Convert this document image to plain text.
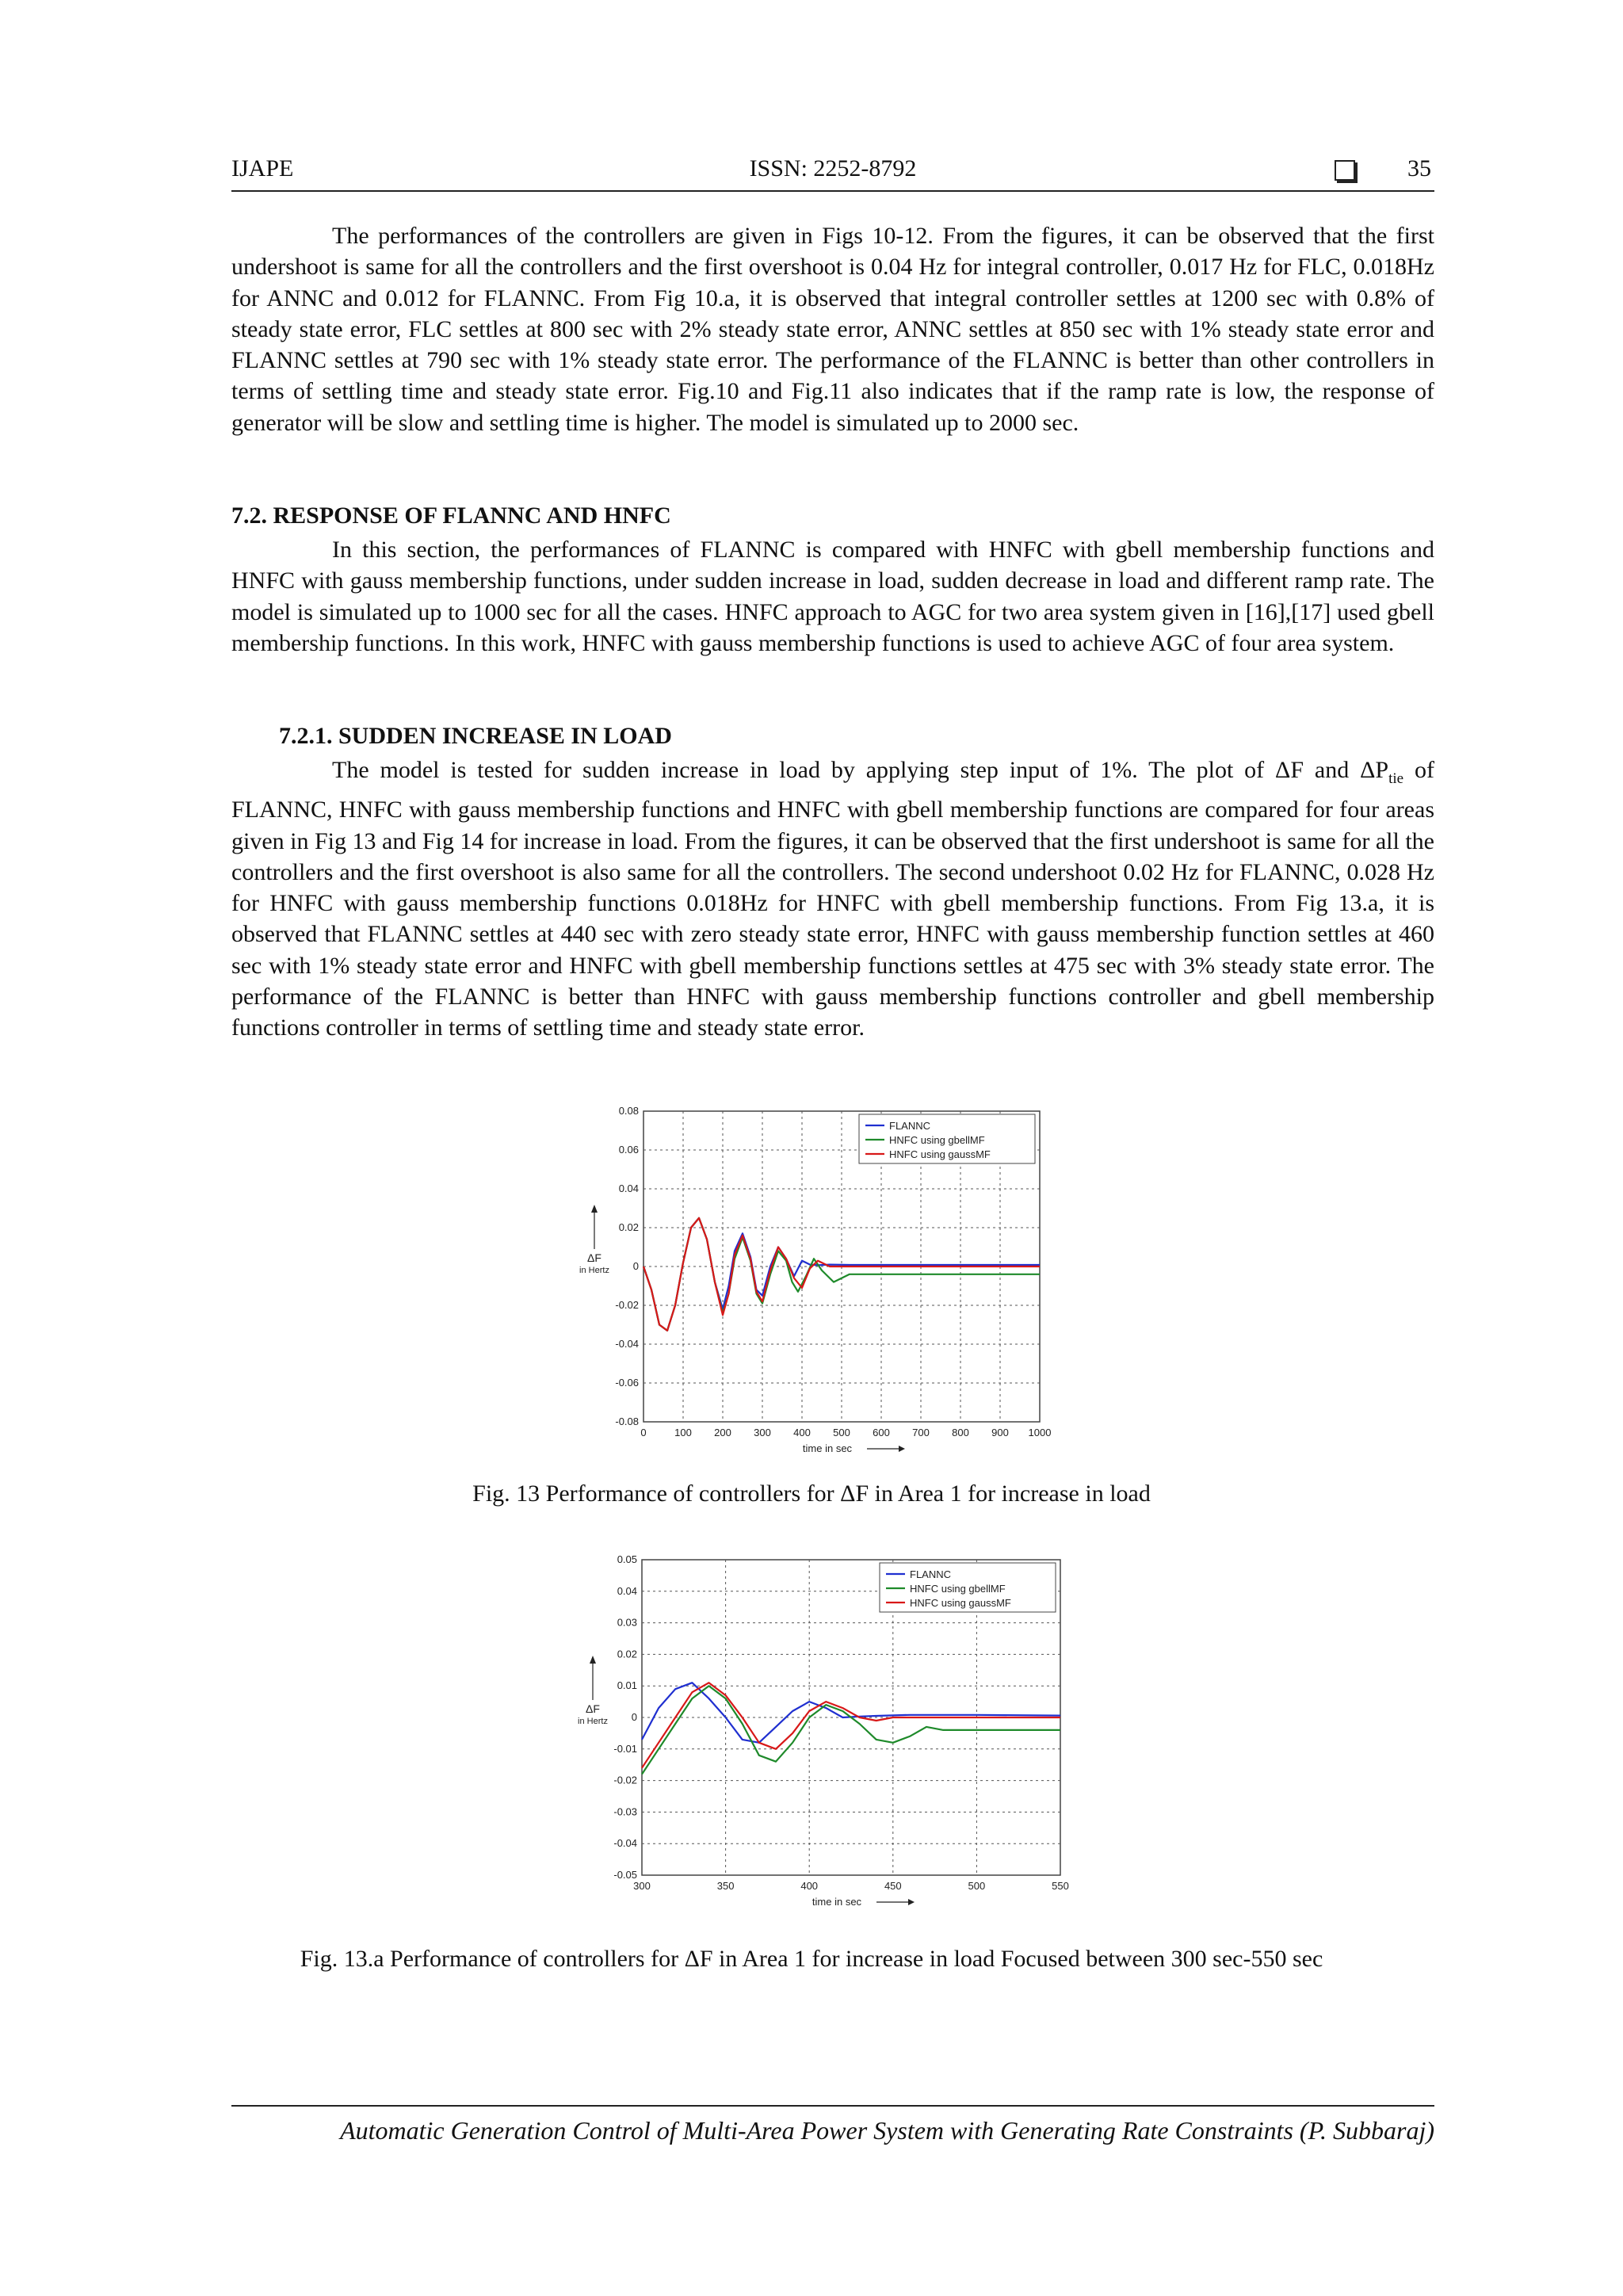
IJAPE	ISSN: 2252-8792	35

The performances of the controllers are given in Figs 10-12. From the figures, it can be observed that the first undershoot is same for all the controllers and the first overshoot is 0.04 Hz for integral controller, 0.017 Hz for FLC, 0.018Hz for ANNC and 0.012 for FLANNC. From Fig 10.a, it is observed that integral controller settles at 1200 sec with 0.8% of steady state error, FLC settles at 800 sec with 2% steady state error, ANNC settles at 850 sec with 1% steady state error and FLANNC settles at 790 sec with 1% steady state error. The performance of the FLANNC is better than other controllers in terms of settling time and steady state error. Fig.10 and Fig.11 also indicates that if the ramp rate is low, the response of generator will be slow and settling time is higher. The model is simulated up to 2000 sec.

7.2. RESPONSE OF FLANNC AND HNFC

In this section, the performances of FLANNC is compared with HNFC with gbell membership functions and HNFC with gauss membership functions, under sudden increase in load, sudden decrease in load and different ramp rate. The model is simulated up to 1000 sec for all the cases. HNFC approach to AGC for two area system given in [16],[17] used gbell membership functions. In this work, HNFC with gauss membership functions is used to achieve AGC of four area system.

7.2.1. SUDDEN INCREASE IN LOAD

The model is tested for sudden increase in load by applying step input of 1%. The plot of ΔF and $\Delta P_{tie}$ of FLANNC, HNFC with gauss membership functions and HNFC with gbell membership functions are compared for four areas given in Fig 13 and Fig 14 for increase in load. From the figures, it can be observed that the first undershoot is same for all the controllers and the first overshoot is also same for all the controllers. The second undershoot 0.02 Hz for FLANNC, 0.028 Hz for HNFC with gauss membership functions 0.018Hz for HNFC with gbell membership functions. From Fig 13.a, it is observed that FLANNC settles at 440 sec with zero steady state error, HNFC with gauss membership function settles at 460 sec with 1% steady state error and HNFC with gbell membership functions settles at 475 sec with 3% steady state error. The performance of the FLANNC is better than HNFC with gauss membership functions controller and gbell membership functions controller in terms of settling time and steady state error.

0	100 200 300 400 500 600 700 800 900 1000
-0.08
-0.06
-0.04
-0.02
0
0.02
0.04
0.06
0.08
FLANNC
HNFC using gbellMF
HNFC using gaussMF
time in sec
ΔF
in Hertz
Fig. 13 Performance of controllers for ΔF in Area 1 for increase in load
300	350	400	450	500	550
-0.05
-0.04
-0.03
-0.02
-0.01
0
0.01
0.02
0.03
0.04
0.05
FLANNC
HNFC using gbellMF
HNFC using gaussMF
time in sec
ΔF
in Hertz
Fig. 13.a Performance of controllers for ΔF in Area 1 for increase in load Focused between 300 sec-550 sec
Automatic Generation Control of Multi-Area Power System with Generating Rate Constraints (P. Subbaraj)
